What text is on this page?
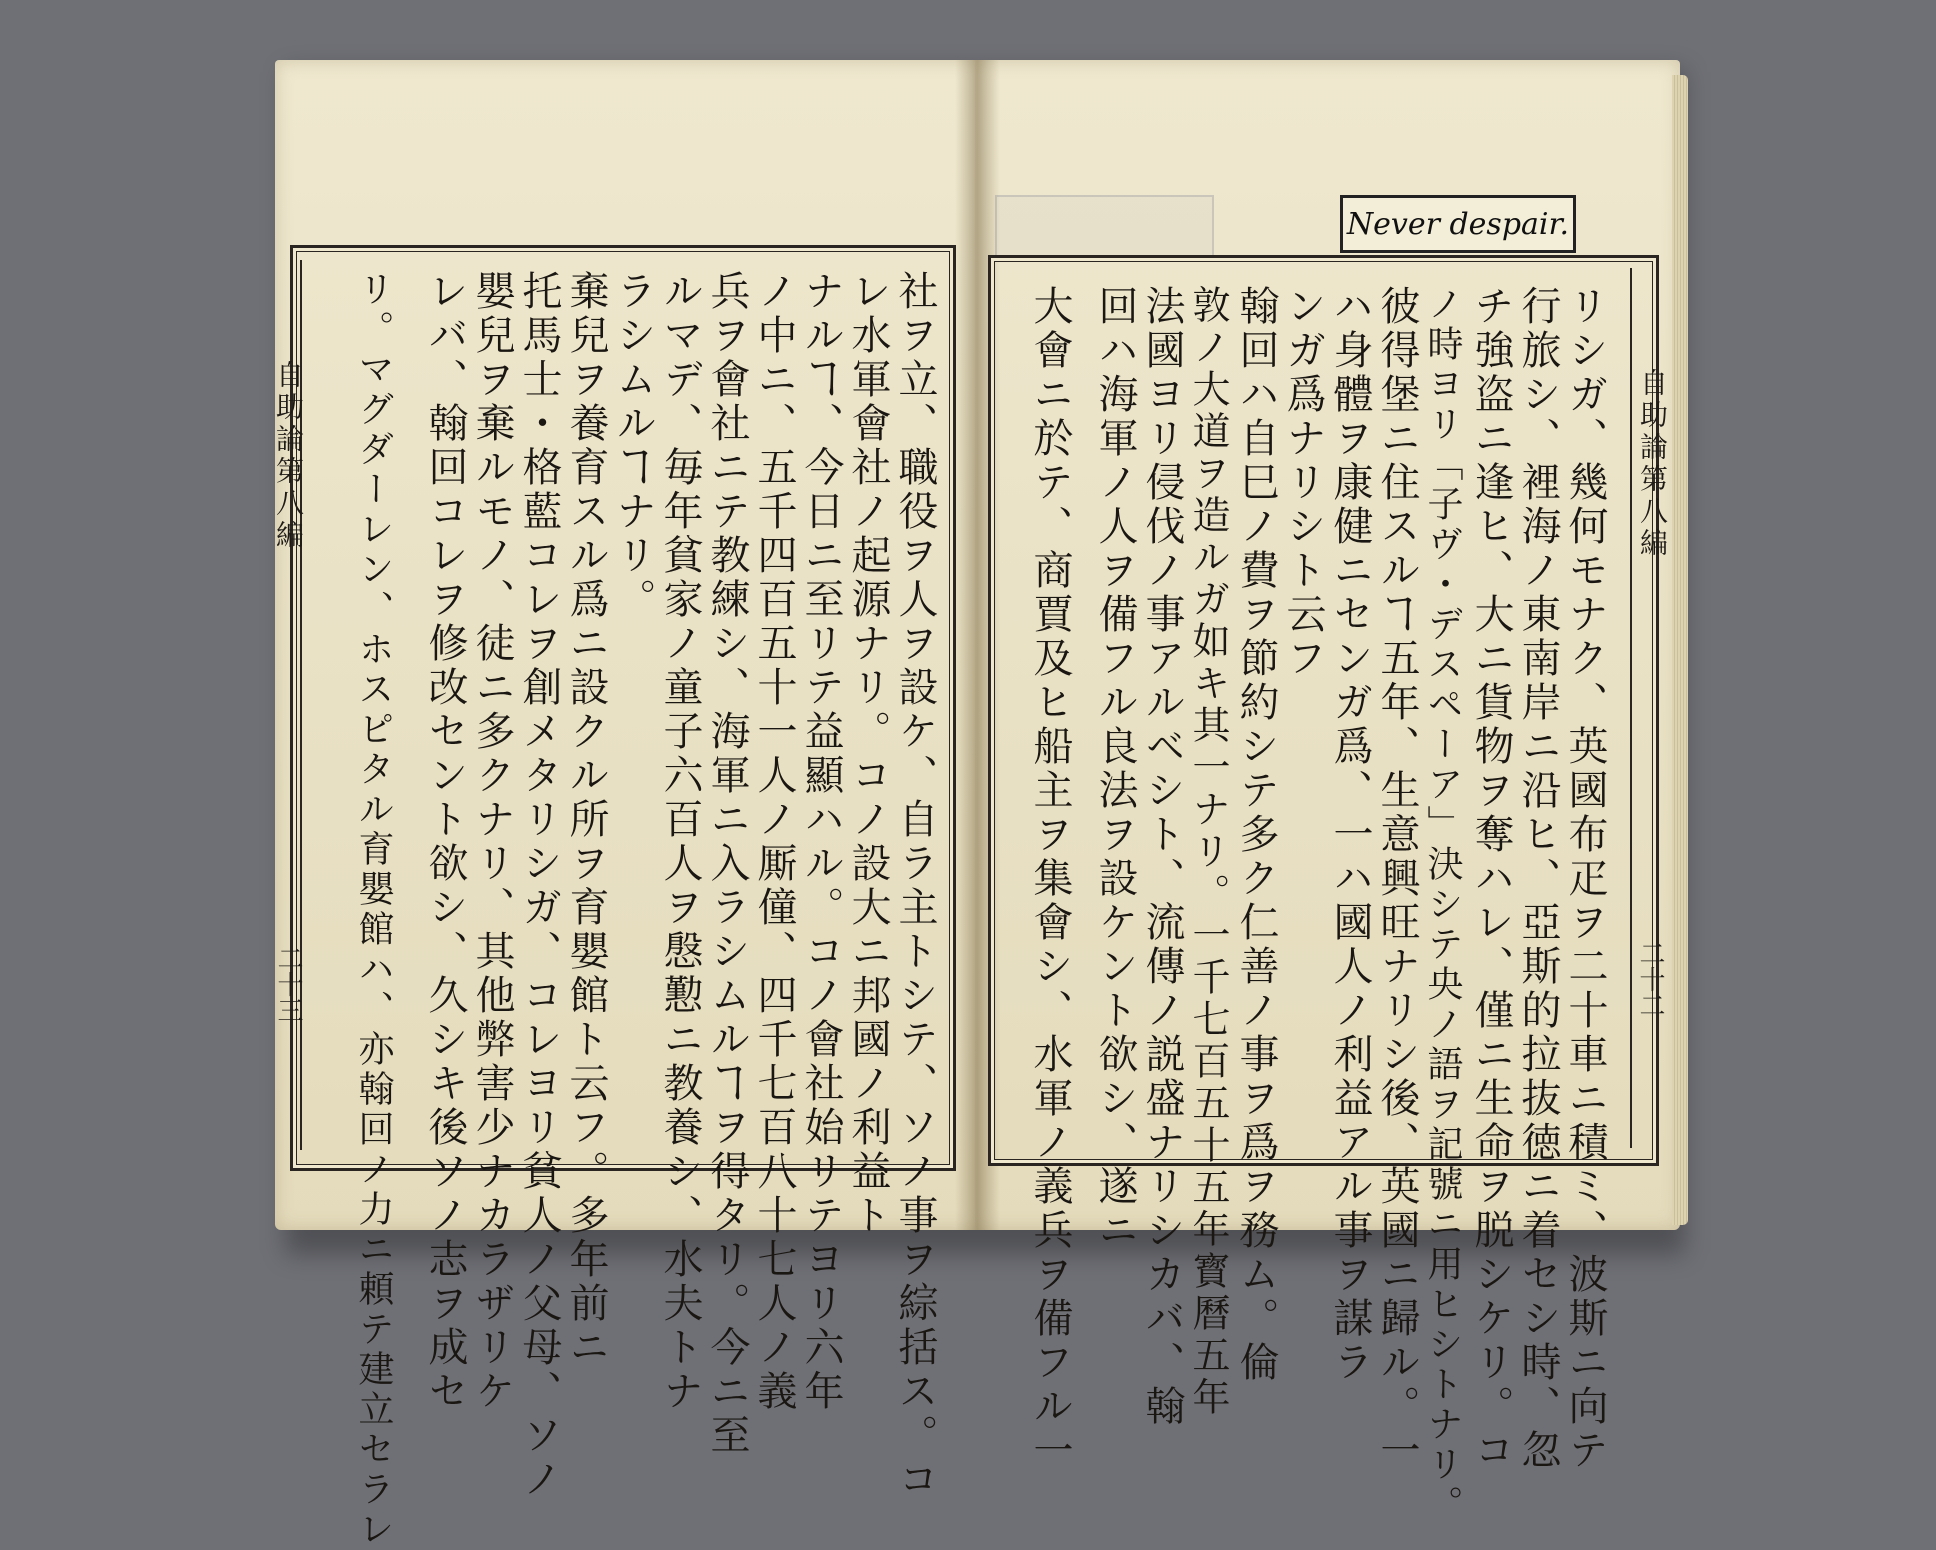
Never despair.
自助論第八編	自助論第八編
二十三	二十二
リシガ、幾何モナク、英國布疋ヲ二十車ニ積ミ、波斯ニ向テ
行旅シ、裡海ノ東南岸ニ沿ヒ、亞斯的拉抜徳ニ着セシ時、忽
チ強盗ニ逢ヒ、大ニ貨物ヲ奪ハレ、僅ニ生命ヲ脱シケリ。コ
ノ時ヨリ「子ヴ・デスペーア」決シテ央ノ語ヲ記號ニ用ヒシトナリ。
彼得堡ニ住スルヿ五年、生意興旺ナリシ後、英國ニ歸ル。一
ハ身體ヲ康健ニセンガ爲、一ハ國人ノ利益アル事ヲ謀ラ
ンガ爲ナリシト云フ
翰回ハ自巳ノ費ヲ節約シテ多ク仁善ノ事ヲ爲ヲ務ム。倫
敦ノ大道ヲ造ルガ如キ其一ナリ。一千七百五十五年寳曆五年
法國ヨリ侵伐ノ事アルベシト、流傳ノ説盛ナリシカバ、翰
回ハ海軍ノ人ヲ備フル良法ヲ設ケント欲シ、遂ニ
大會ニ於テ、商賈及ヒ船主ヲ集會シ、水軍ノ義兵ヲ備フル一
社ヲ立、職役ヲ人ヲ設ケ、自ラ主トシテ、ソノ事ヲ綜括ス。コ
レ水軍會社ノ起源ナリ。コノ設大ニ邦國ノ利益ト
ナルヿ、今日ニ至リテ益顯ハル。コノ會社始リテヨリ六年
ノ中ニ、五千四百五十一人ノ厮僮、四千七百八十七人ノ義
兵ヲ會社ニテ教練シ、海軍ニ入ラシムルヿヲ得タリ。今ニ至
ルマデ、毎年貧家ノ童子六百人ヲ慇懃ニ教養シ、水夫トナ
ラシムルヿナリ。
棄兒ヲ養育スル爲ニ設クル所ヲ育嬰館ト云フ。多年前ニ
托馬士・格藍コレヲ創メタリシガ、コレヨリ貧人ノ父母、ソノ
嬰兒ヲ棄ルモノ、徒ニ多クナリ、其他弊害少ナカラザリケ
レバ、翰回コレヲ修改セント欲シ、久シキ後ソノ志ヲ成セ
リ。マグダーレン、ホスピタル育嬰館ハ、亦翰回ノ力ニ頼テ建立セラレ
